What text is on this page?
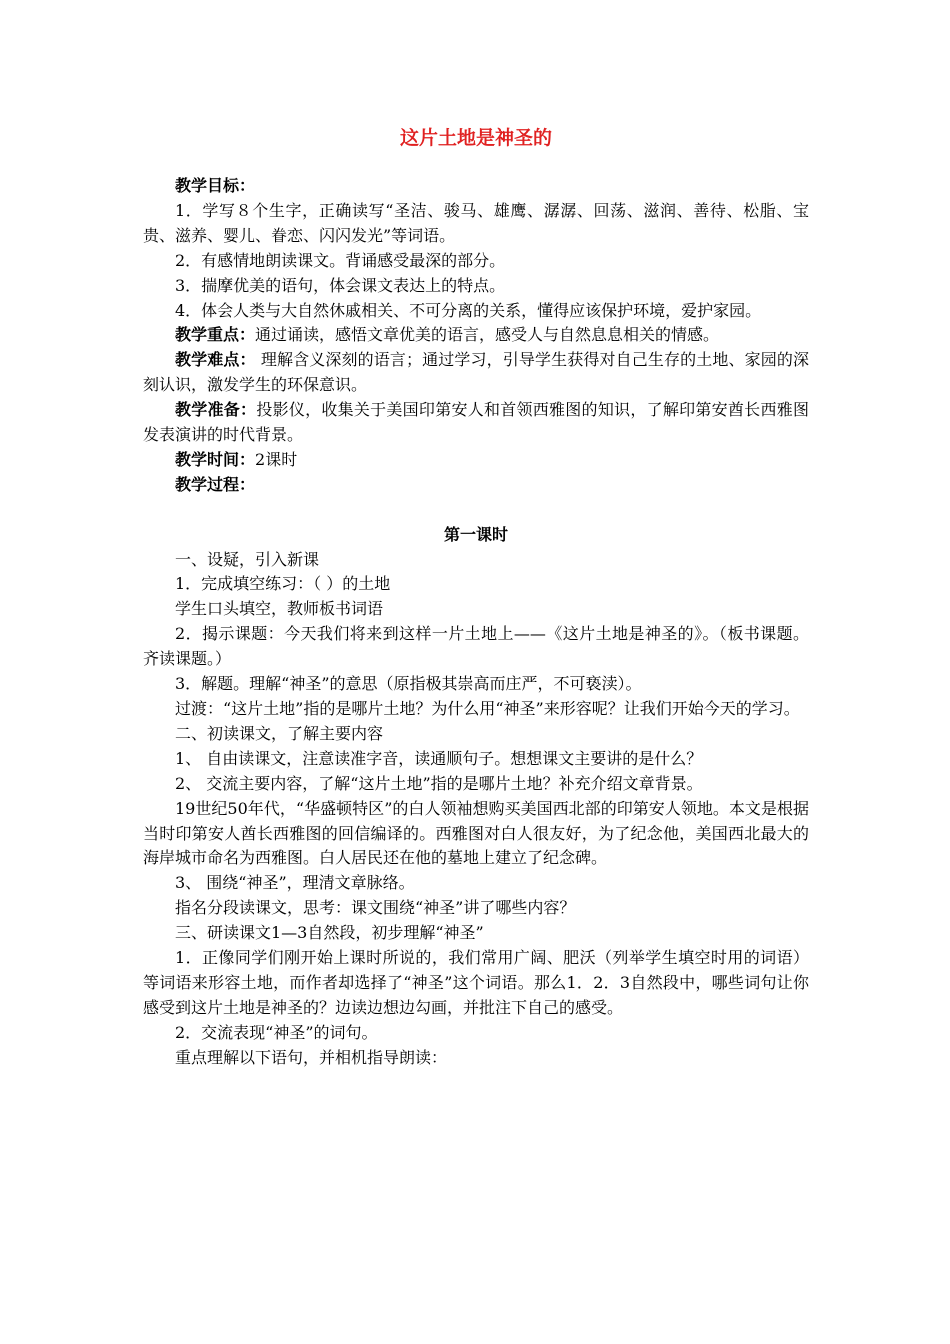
这片土地是神圣的

教学目标：

1．学写８个生字，正确读写“圣洁、骏马、雄鹰、潺潺、回荡、滋润、善待、松脂、宝贵、滋养、婴儿、眷恋、闪闪发光”等词语。

2．有感情地朗读课文。背诵感受最深的部分。

3．揣摩优美的语句，体会课文表达上的特点。

4．体会人类与大自然休戚相关、不可分离的关系，懂得应该保护环境，爱护家园。

教学重点：通过诵读，感悟文章优美的语言，感受人与自然息息相关的情感。

教学难点： 理解含义深刻的语言；通过学习，引导学生获得对自己生存的土地、家园的深刻认识，激发学生的环保意识。

教学准备：投影仪，收集关于美国印第安人和首领西雅图的知识，了解印第安酋长西雅图发表演讲的时代背景。

教学时间：2课时

教学过程：

第一课时

一、设疑，引入新课

1．完成填空练习：（ ）的土地

学生口头填空，教师板书词语

2．揭示课题：今天我们将来到这样一片土地上——《这片土地是神圣的》。（板书课题。齐读课题。）

3．解题。理解“神圣”的意思（原指极其崇高而庄严，不可亵渎）。

过渡：“这片土地”指的是哪片土地？为什么用“神圣”来形容呢？让我们开始今天的学习。

二、初读课文，了解主要内容

1、 自由读课文，注意读准字音，读通顺句子。想想课文主要讲的是什么？

2、 交流主要内容，了解“这片土地”指的是哪片土地？补充介绍文章背景。

19世纪50年代，“华盛顿特区”的白人领袖想购买美国西北部的印第安人领地。本文是根据当时印第安人酋长西雅图的回信编译的。西雅图对白人很友好，为了纪念他，美国西北最大的海岸城市命名为西雅图。白人居民还在他的墓地上建立了纪念碑。

3、 围绕“神圣”，理清文章脉络。

指名分段读课文，思考：课文围绕“神圣”讲了哪些内容？

三、研读课文1—3自然段，初步理解“神圣”

1．正像同学们刚开始上课时所说的，我们常用广阔、肥沃（列举学生填空时用的词语）等词语来形容土地，而作者却选择了“神圣”这个词语。那么1．2．3自然段中，哪些词句让你感受到这片土地是神圣的？边读边想边勾画，并批注下自己的感受。

2．交流表现“神圣”的词句。

重点理解以下语句，并相机指导朗读：
